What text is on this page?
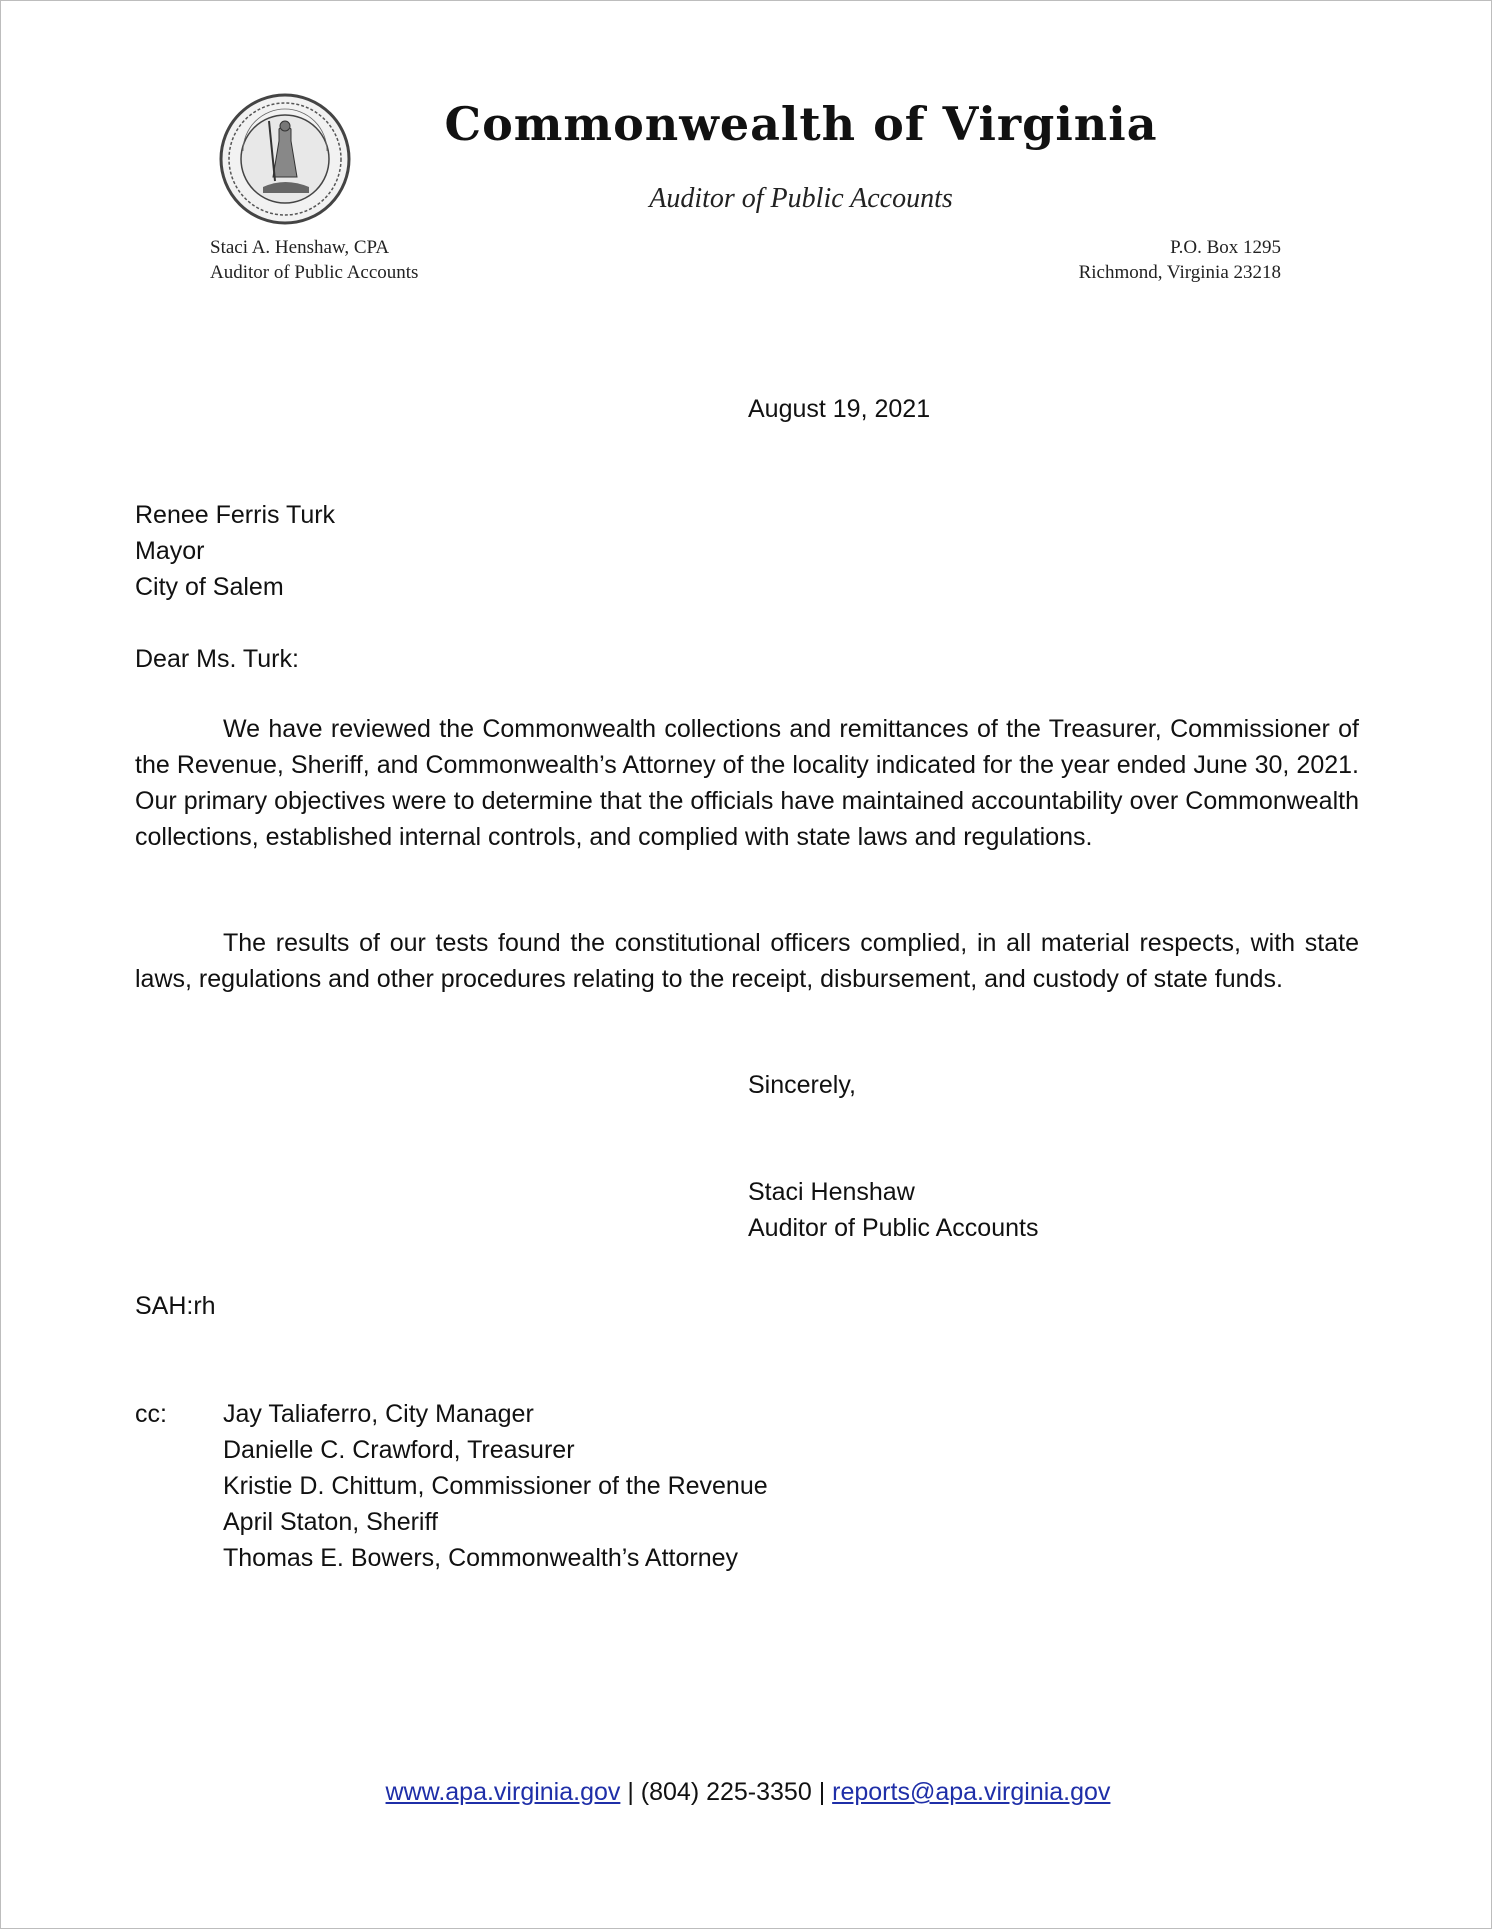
Commonwealth of Virginia
Auditor of Public Accounts
Staci A. Henshaw, CPA
Auditor of Public Accounts
P.O. Box 1295
Richmond, Virginia 23218
August 19, 2021
Renee Ferris Turk
Mayor
City of Salem
Dear Ms. Turk:
We have reviewed the Commonwealth collections and remittances of the Treasurer, Commissioner of the Revenue, Sheriff, and Commonwealth’s Attorney of the locality indicated for the year ended June 30, 2021. Our primary objectives were to determine that the officials have maintained accountability over Commonwealth collections, established internal controls, and complied with state laws and regulations.
The results of our tests found the constitutional officers complied, in all material respects, with state laws, regulations and other procedures relating to the receipt, disbursement, and custody of state funds.
Sincerely,
Staci Henshaw
Auditor of Public Accounts
SAH:rh
cc: Jay Taliaferro, City Manager
Danielle C. Crawford, Treasurer
Kristie D. Chittum, Commissioner of the Revenue
April Staton, Sheriff
Thomas E. Bowers, Commonwealth’s Attorney
www.apa.virginia.gov | (804) 225-3350 | reports@apa.virginia.gov
